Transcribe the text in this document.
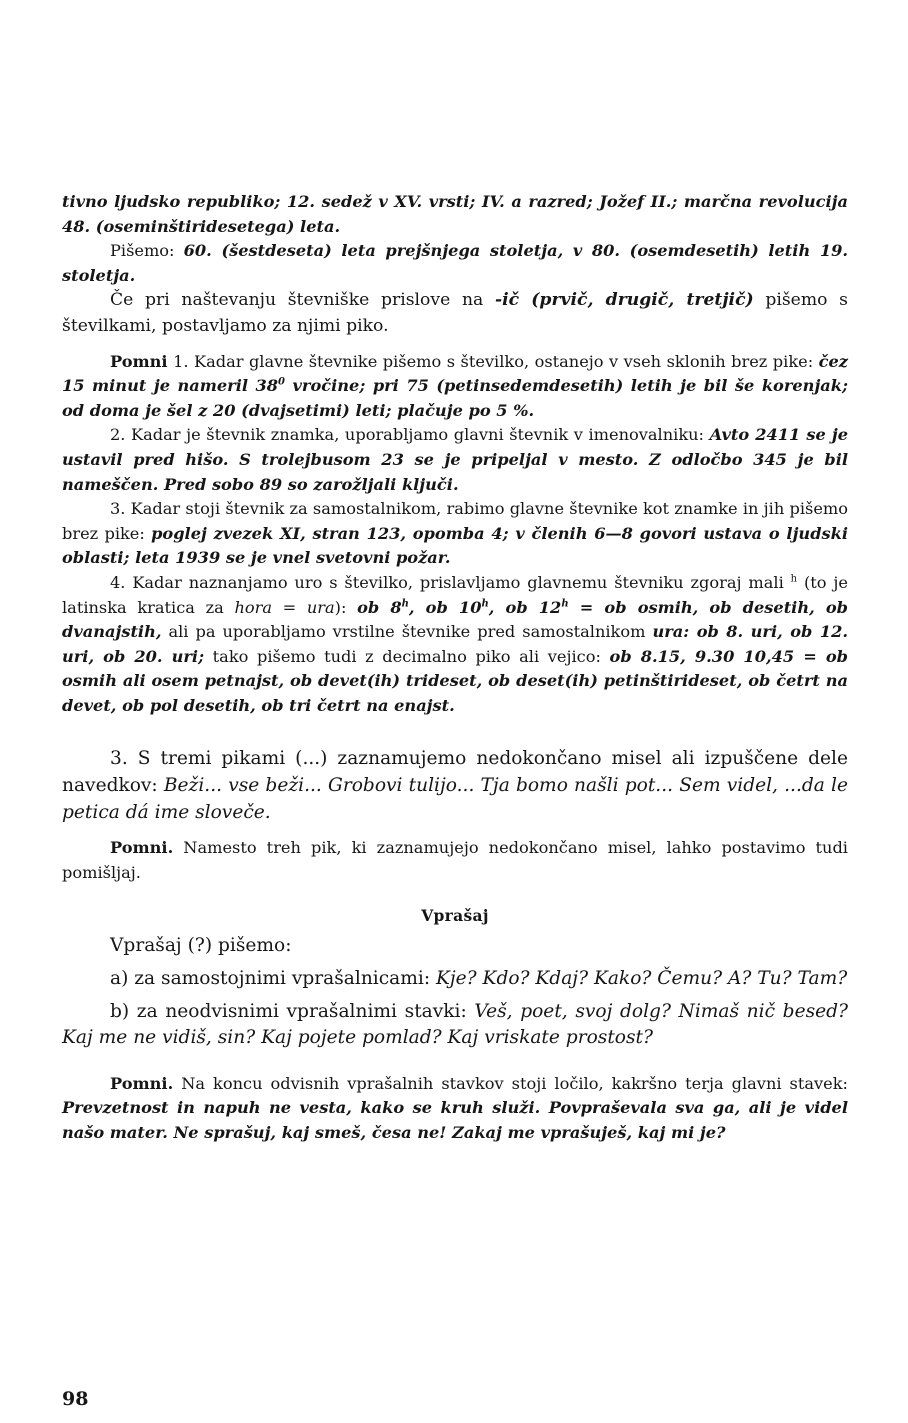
tivno ljudsko republiko; 12. sedež v XV. vrsti; IV. a razred; Jožef II.; marčna revolucija 48. (oseminštiridesetega) leta.

Pišemo: 60. (šestdeseta) leta prejšnjega stoletja, v 80. (osemdesetih) letih 19. stoletja.

Če pri naštevanju števniške prislove na -ič (prvič, drugič, tretjič) pišemo s številkami, postavljamo za njimi piko.

Pomni 1. Kadar glavne števnike pišemo s številko, ostanejo v vseh sklonih brez pike: čez 15 minut je nameril $38^0$ vročine; pri 75 (petinsedemdesetih) letih je bil še korenjak; od doma je šel z 20 (dvajsetimi) leti; plačuje po 5 %.

2. Kadar je števnik znamka, uporabljamo glavni števnik v imenovalniku: Avto 2411 se je ustavil pred hišo. S trolejbusom 23 se je pripeljal v mesto. Z odločbo 345 je bil nameščen. Pred sobo 89 so zarožljali ključi.

3. Kadar stoji števnik za samostalnikom, rabimo glavne števnike kot znamke in jih pišemo brez pike: poglej zvezek XI, stran 123, opomba 4; v členih 6—8 govori ustava o ljudski oblasti; leta 1939 se je vnel svetovni požar.

4. Kadar naznanjamo uro s številko, prislavljamo glavnemu števniku zgoraj mali $^h$ (to je latinska kratica za hora = ura): ob 8$^h$, ob 10$^h$, ob $12^h$ = ob osmih, ob desetih, ob dvanajstih, ali pa uporabljamo vrstilne števnike pred samostalnikom ura: ob 8. uri, ob 12. uri, ob 20. uri; tako pišemo tudi z decimalno piko ali vejico: ob 8.15, 9.30 10,45 = ob osmih ali osem petnajst, ob devet(ih) trideset, ob deset(ih) petinštirideset, ob četrt na devet, ob pol desetih, ob tri četrt na enajst.

3. S tremi pikami (...) zaznamujemo nedokončano misel ali izpuščene dele navedkov: Beži... vse beži... Grobovi tulijo... Tja bomo našli pot... Sem videl, ...da le petica dá ime sloveče.

Pomni. Namesto treh pik, ki zaznamujejo nedokončano misel, lahko postavimo tudi pomišljaj.

Vprašaj

Vprašaj (?) pišemo:

a) za samostojnimi vprašalnicami: Kje? Kdo? Kdaj? Kako? Čemu? A? Tu? Tam?

b) za neodvisnimi vprašalnimi stavki: Veš, poet, svoj dolg? Nimaš nič besed? Kaj me ne vidiš, sin? Kaj pojete pomlad? Kaj vriskate prostost?

Pomni. Na koncu odvisnih vprašalnih stavkov stoji ločilo, kakršno terja glavni stavek: Prevzetnost in napuh ne vesta, kako se kruh služi. Povpraševala sva ga, ali je videl našo mater. Ne sprašuj, kaj smeš, česa ne! Zakaj me vprašuješ, kaj mi je?

98
